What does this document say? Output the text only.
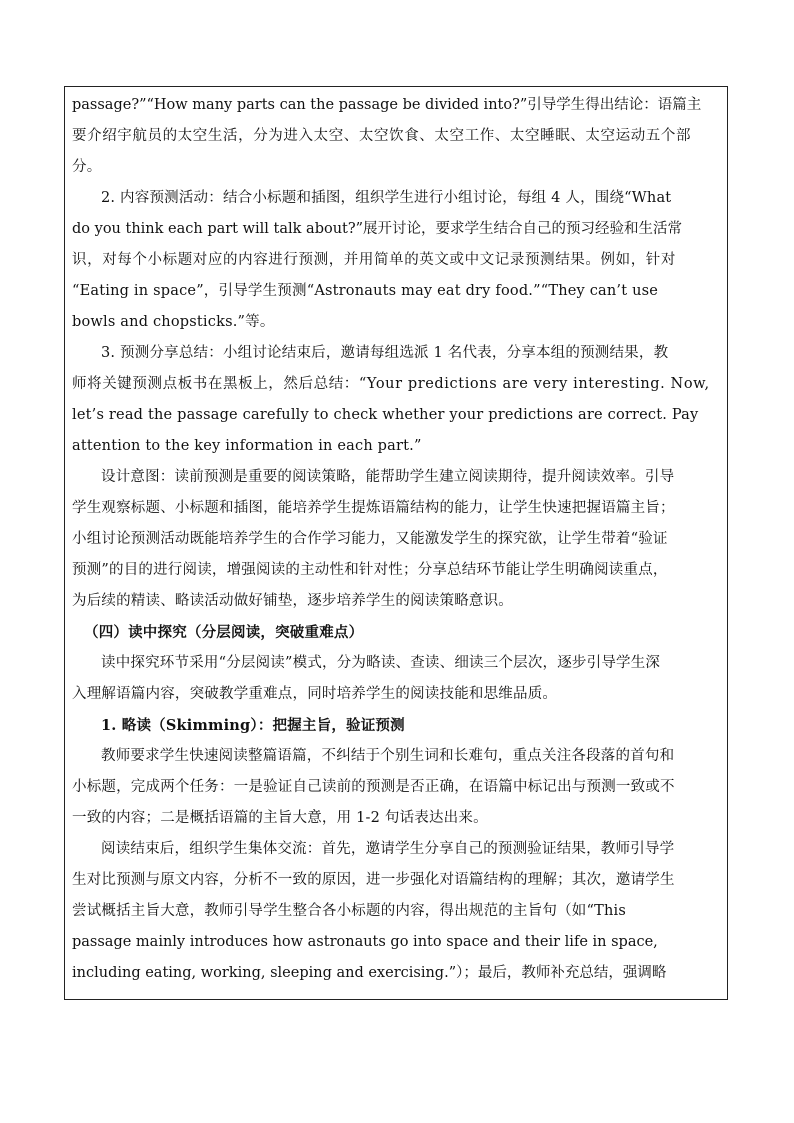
passage?”“How many parts can the passage be divided into?”引导学生得出结论：语篇主
要介绍宇航员的太空生活，分为进入太空、太空饮食、太空工作、太空睡眠、太空运动五个部
分。
2. 内容预测活动：结合小标题和插图，组织学生进行小组讨论，每组 4 人，围绕“What
do you think each part will talk about?”展开讨论，要求学生结合自己的预习经验和生活常
识，对每个小标题对应的内容进行预测，并用简单的英文或中文记录预测结果。例如，针对
“Eating in space”，引导学生预测“Astronauts may eat dry food.”“They can’t use
bowls and chopsticks.”等。
3. 预测分享总结：小组讨论结束后，邀请每组选派 1 名代表，分享本组的预测结果，教
师将关键预测点板书在黑板上，然后总结：“Your predictions are very interesting. Now,
let’s read the passage carefully to check whether your predictions are correct. Pay
attention to the key information in each part.”
设计意图：读前预测是重要的阅读策略，能帮助学生建立阅读期待，提升阅读效率。引导
学生观察标题、小标题和插图，能培养学生提炼语篇结构的能力，让学生快速把握语篇主旨；
小组讨论预测活动既能培养学生的合作学习能力，又能激发学生的探究欲，让学生带着“验证
预测”的目的进行阅读，增强阅读的主动性和针对性；分享总结环节能让学生明确阅读重点，
为后续的精读、略读活动做好铺垫，逐步培养学生的阅读策略意识。
（四）读中探究（分层阅读，突破重难点）
读中探究环节采用“分层阅读”模式，分为略读、查读、细读三个层次，逐步引导学生深
入理解语篇内容，突破教学重难点，同时培养学生的阅读技能和思维品质。
1. 略读（Skimming）：把握主旨，验证预测
教师要求学生快速阅读整篇语篇，不纠结于个别生词和长难句，重点关注各段落的首句和
小标题，完成两个任务：一是验证自己读前的预测是否正确，在语篇中标记出与预测一致或不
一致的内容；二是概括语篇的主旨大意，用 1-2 句话表达出来。
阅读结束后，组织学生集体交流：首先，邀请学生分享自己的预测验证结果，教师引导学
生对比预测与原文内容，分析不一致的原因，进一步强化对语篇结构的理解；其次，邀请学生
尝试概括主旨大意，教师引导学生整合各小标题的内容，得出规范的主旨句（如“This
passage mainly introduces how astronauts go into space and their life in space,
including eating, working, sleeping and exercising.”）；最后，教师补充总结，强调略
